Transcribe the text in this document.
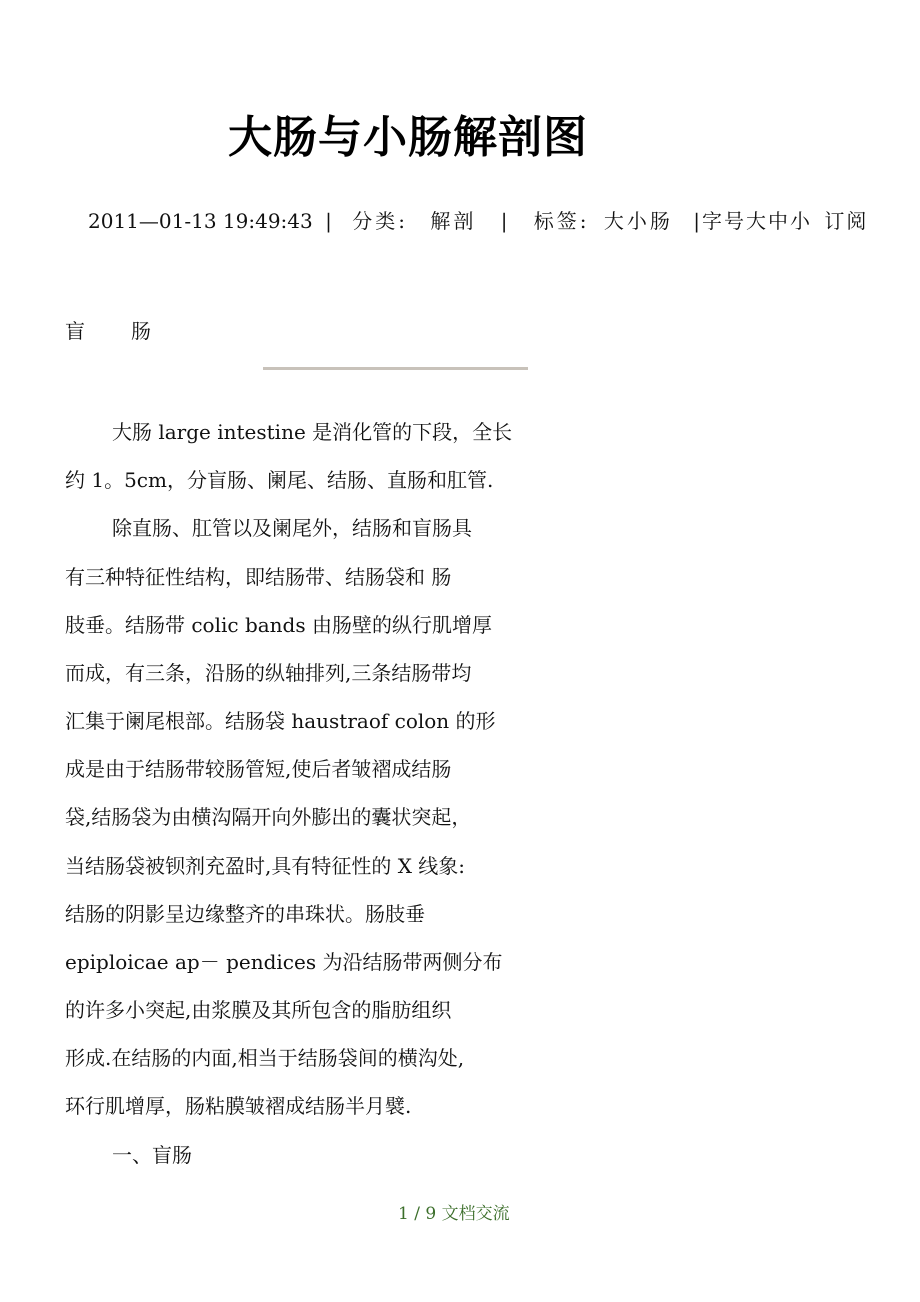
大肠与小肠解剖图
2011—01-13 19:49:43 | 分类: 解剖 | 标签: 大小肠 |字号大中小 订阅
盲 肠
大肠 large intestine 是消化管的下段，全长
约 1。5cm，分盲肠、阑尾、结肠、直肠和肛管.
除直肠、肛管以及阑尾外，结肠和盲肠具
有三种特征性结构，即结肠带、结肠袋和 肠
肢垂。结肠带 colic bands 由肠壁的纵行肌增厚
而成，有三条，沿肠的纵轴排列,三条结肠带均
汇集于阑尾根部。结肠袋 haustraof colon 的形
成是由于结肠带较肠管短,使后者皱褶成结肠
袋,结肠袋为由横沟隔开向外膨出的囊状突起，
当结肠袋被钡剂充盈时,具有特征性的 X 线象:
结肠的阴影呈边缘整齐的串珠状。肠肢垂
epiploicae ap－ pendices 为沿结肠带两侧分布
的许多小突起,由浆膜及其所包含的脂肪组织
形成.在结肠的内面,相当于结肠袋间的横沟处,
环行肌增厚，肠粘膜皱褶成结肠半月襞.
一、盲肠
1 / 9 文档交流
